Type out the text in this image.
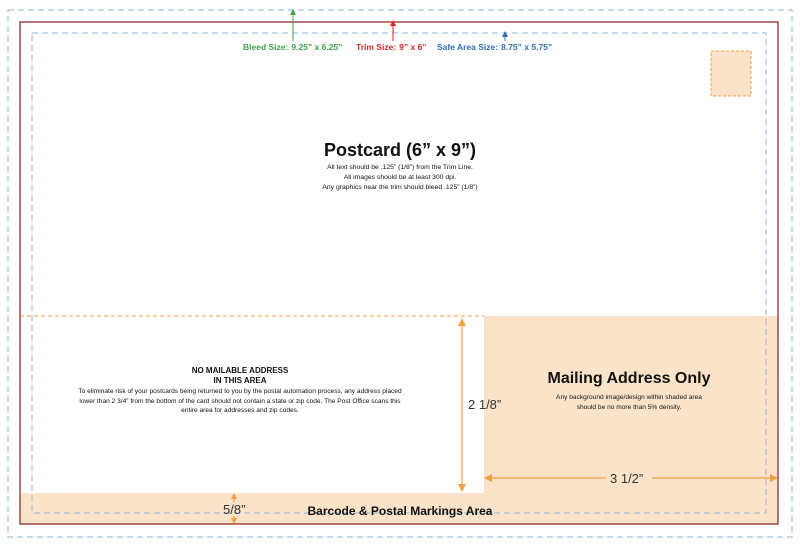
Bleed Size: 9.25” x 6.25” Trim Size: 9” x 6” Safe Area Size: 8.75” x 5.75”
Postcard (6” x 9”)
All text should be .125” (1/8”) from the Trim Line.
All images should be at least 300 dpi.
Any graphics near the trim should bleed .125” (1/8”)
NO MAILABLE ADDRESS
IN THIS AREA
To eliminate risk of your postcards being returned to you by the postal automation process, any address placed
lower than 2 3/4” from the bottom of the card should not contain a state or zip code. The Post Office scans this
entire area for addresses and zip codes.
Mailing Address Only
Any background image/design within shaded area
should be no more than 5% density.
2 1/8”
3 1/2”
5/8”	Barcode & Postal Markings Area
